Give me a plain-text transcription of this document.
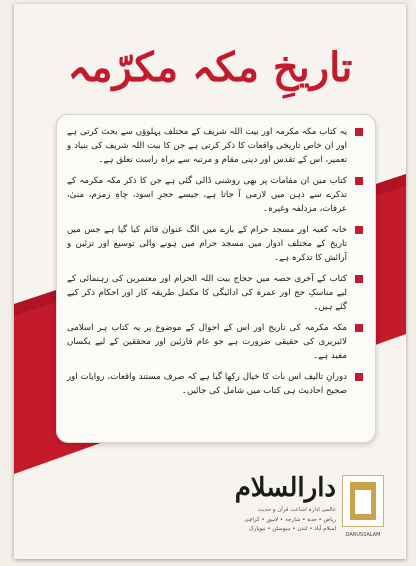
تاریخِ مکہ مکرّمہ
یہ کتاب مکہ مکرمہ اور بیت اللہ شریف کے مختلف پہلوؤں سے بحث کرتی ہے اور ان خاص تاریخی واقعات کا ذکر کرتی ہے جن کا بیت اللہ شریف کی بنیاد و تعمیر، اس کے تقدس اور دینی مقام و مرتبہ سے براہ راست تعلق ہے۔
کتاب میں ان مقامات پر بھی روشنی ڈالی گئی ہے جن کا ذکر مکہ مکرمہ کے تذکرے سے ذہن میں لازمی آ جاتا ہے، جیسے حجرِ اسود، چاہِ زمزم، منیٰ، عرفات، مزدلفہ وغیرہ۔
خانہ کعبہ اور مسجد حرام کے بارے میں الگ عنوان قائم کیا گیا ہے جس میں تاریخ کے مختلف ادوار میں مسجد حرام میں ہونے والی توسیع اور تزئین و آرائش کا تذکرہ ہے۔
کتاب کے آخری حصہ میں حجاج بیت اللہ الحرام اور معتمرین کی رہنمائی کے لیے مناسکِ حج اور عمرہ کی ادائیگی کا مکمل طریقہ کار اور احکام ذکر کیے گئے ہیں۔
مکہ مکرمہ کی تاریخ اور اس کے احوال کے موضوع پر یہ کتاب ہر اسلامی لائبریری کی حقیقی ضرورت ہے جو عام قارئین اور محققین کے لیے یکساں مفید ہے۔
دورانِ تالیف اس بات کا خیال رکھا گیا ہے کہ صرف مستند واقعات، روایات اور صحیح احادیث ہی کتاب میں شامل کی جائیں۔
DARUSSALAM
دارالسلام
عالمی ادارہ اشاعت قرآن و حدیث
ریاض • جدہ • شارجہ • لاہور • کراچی
اسلام آباد • لندن • ہیوسٹن • نیویارک
